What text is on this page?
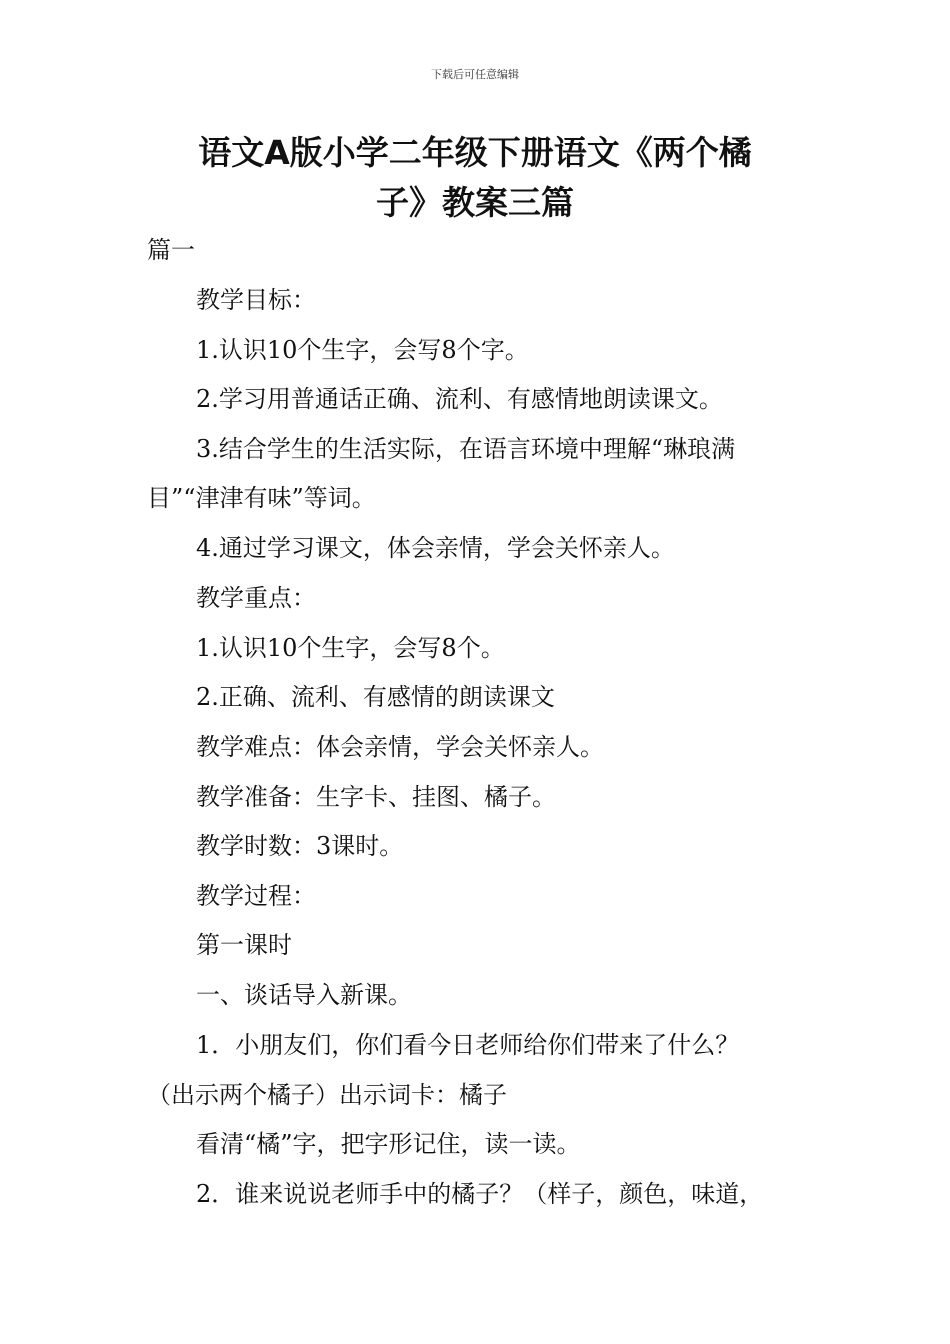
下载后可任意编辑
语文A版小学二年级下册语文《两个橘
子》教案三篇
篇一
教学目标：
1.认识10个生字，会写8个字。
2.学习用普通话正确、流利、有感情地朗读课文。
3.结合学生的生活实际，在语言环境中理解“琳琅满
目”“津津有味”等词。
4.通过学习课文，体会亲情，学会关怀亲人。
教学重点：
1.认识10个生字，会写8个。
2.正确、流利、有感情的朗读课文
教学难点：体会亲情，学会关怀亲人。
教学准备：生字卡、挂图、橘子。
教学时数：3课时。
教学过程：
第一课时
一、谈话导入新课。
1．小朋友们，你们看今日老师给你们带来了什么？
（出示两个橘子）出示词卡：橘子
看清“橘”字，把字形记住，读一读。
2．谁来说说老师手中的橘子？（样子，颜色，味道，
